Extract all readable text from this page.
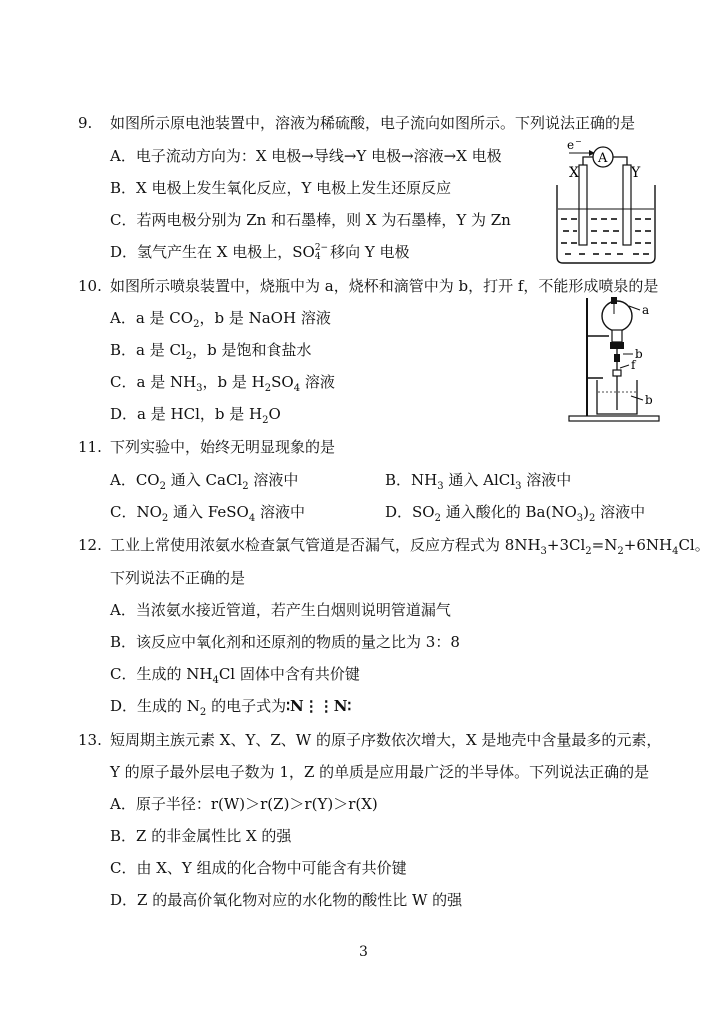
9.	如图所示原电池装置中，溶液为稀硫酸，电子流向如图所示。下列说法正确的是
A．电子流动方向为：X 电极→导线→Y 电极→溶液→X 电极
B．X 电极上发生氧化反应，Y 电极上发生还原反应
C．若两电极分别为 Zn 和石墨棒，则 X 为石墨棒，Y 为 Zn
D．氢气产生在 X 电极上，SO 2−
4 移向 Y 电极
e −
A
X	Y
10. 如图所示喷泉装置中，烧瓶中为 a，烧杯和滴管中为 b，打开 f，不能形成喷泉的是
A．a 是 $CO_2$，b 是 NaOH 溶液
B．a 是 $Cl_2$，b 是饱和食盐水
C．a 是 $NH_3$，b 是 $H_2SO_4$ 溶液
D．a 是 HCl，b 是 $H_2O$
a
b
f
b
11. 下列实验中，始终无明显现象的是
A．$CO_2$ 通入 CaCl$_2$ 溶液中	B．$NH_3$ 通入 AlCl$_3$ 溶液中
C．$NO_2$ 通入 FeSO$_4$ 溶液中	D．$SO_2$ 通入酸化的 $Ba(NO_3)_2$ 溶液中
12. 工业上常使用浓氨水检查氯气管道是否漏气，反应方程式为 $8NH_3+3Cl_2=N_2+6NH_4Cl$。
下列说法不正确的是
A．当浓氨水接近管道，若产生白烟则说明管道漏气
B．该反应中氧化剂和还原剂的物质的量之比为 3：8
C．生成的 $NH_4Cl$ 固体中含有共价键
D．生成的 $N_2$ 的电子式为∶N⋮⋮N∶
13. 短周期主族元素 X、Y、Z、W 的原子序数依次增大，X 是地壳中含量最多的元素，
Y 的原子最外层电子数为 1，Z 的单质是应用最广泛的半导体。下列说法正确的是
A．原子半径：r(W)＞r(Z)＞r(Y)＞r(X)
B．Z 的非金属性比 X 的强
C．由 X、Y 组成的化合物中可能含有共价键
D．Z 的最高价氧化物对应的水化物的酸性比 W 的强
3
